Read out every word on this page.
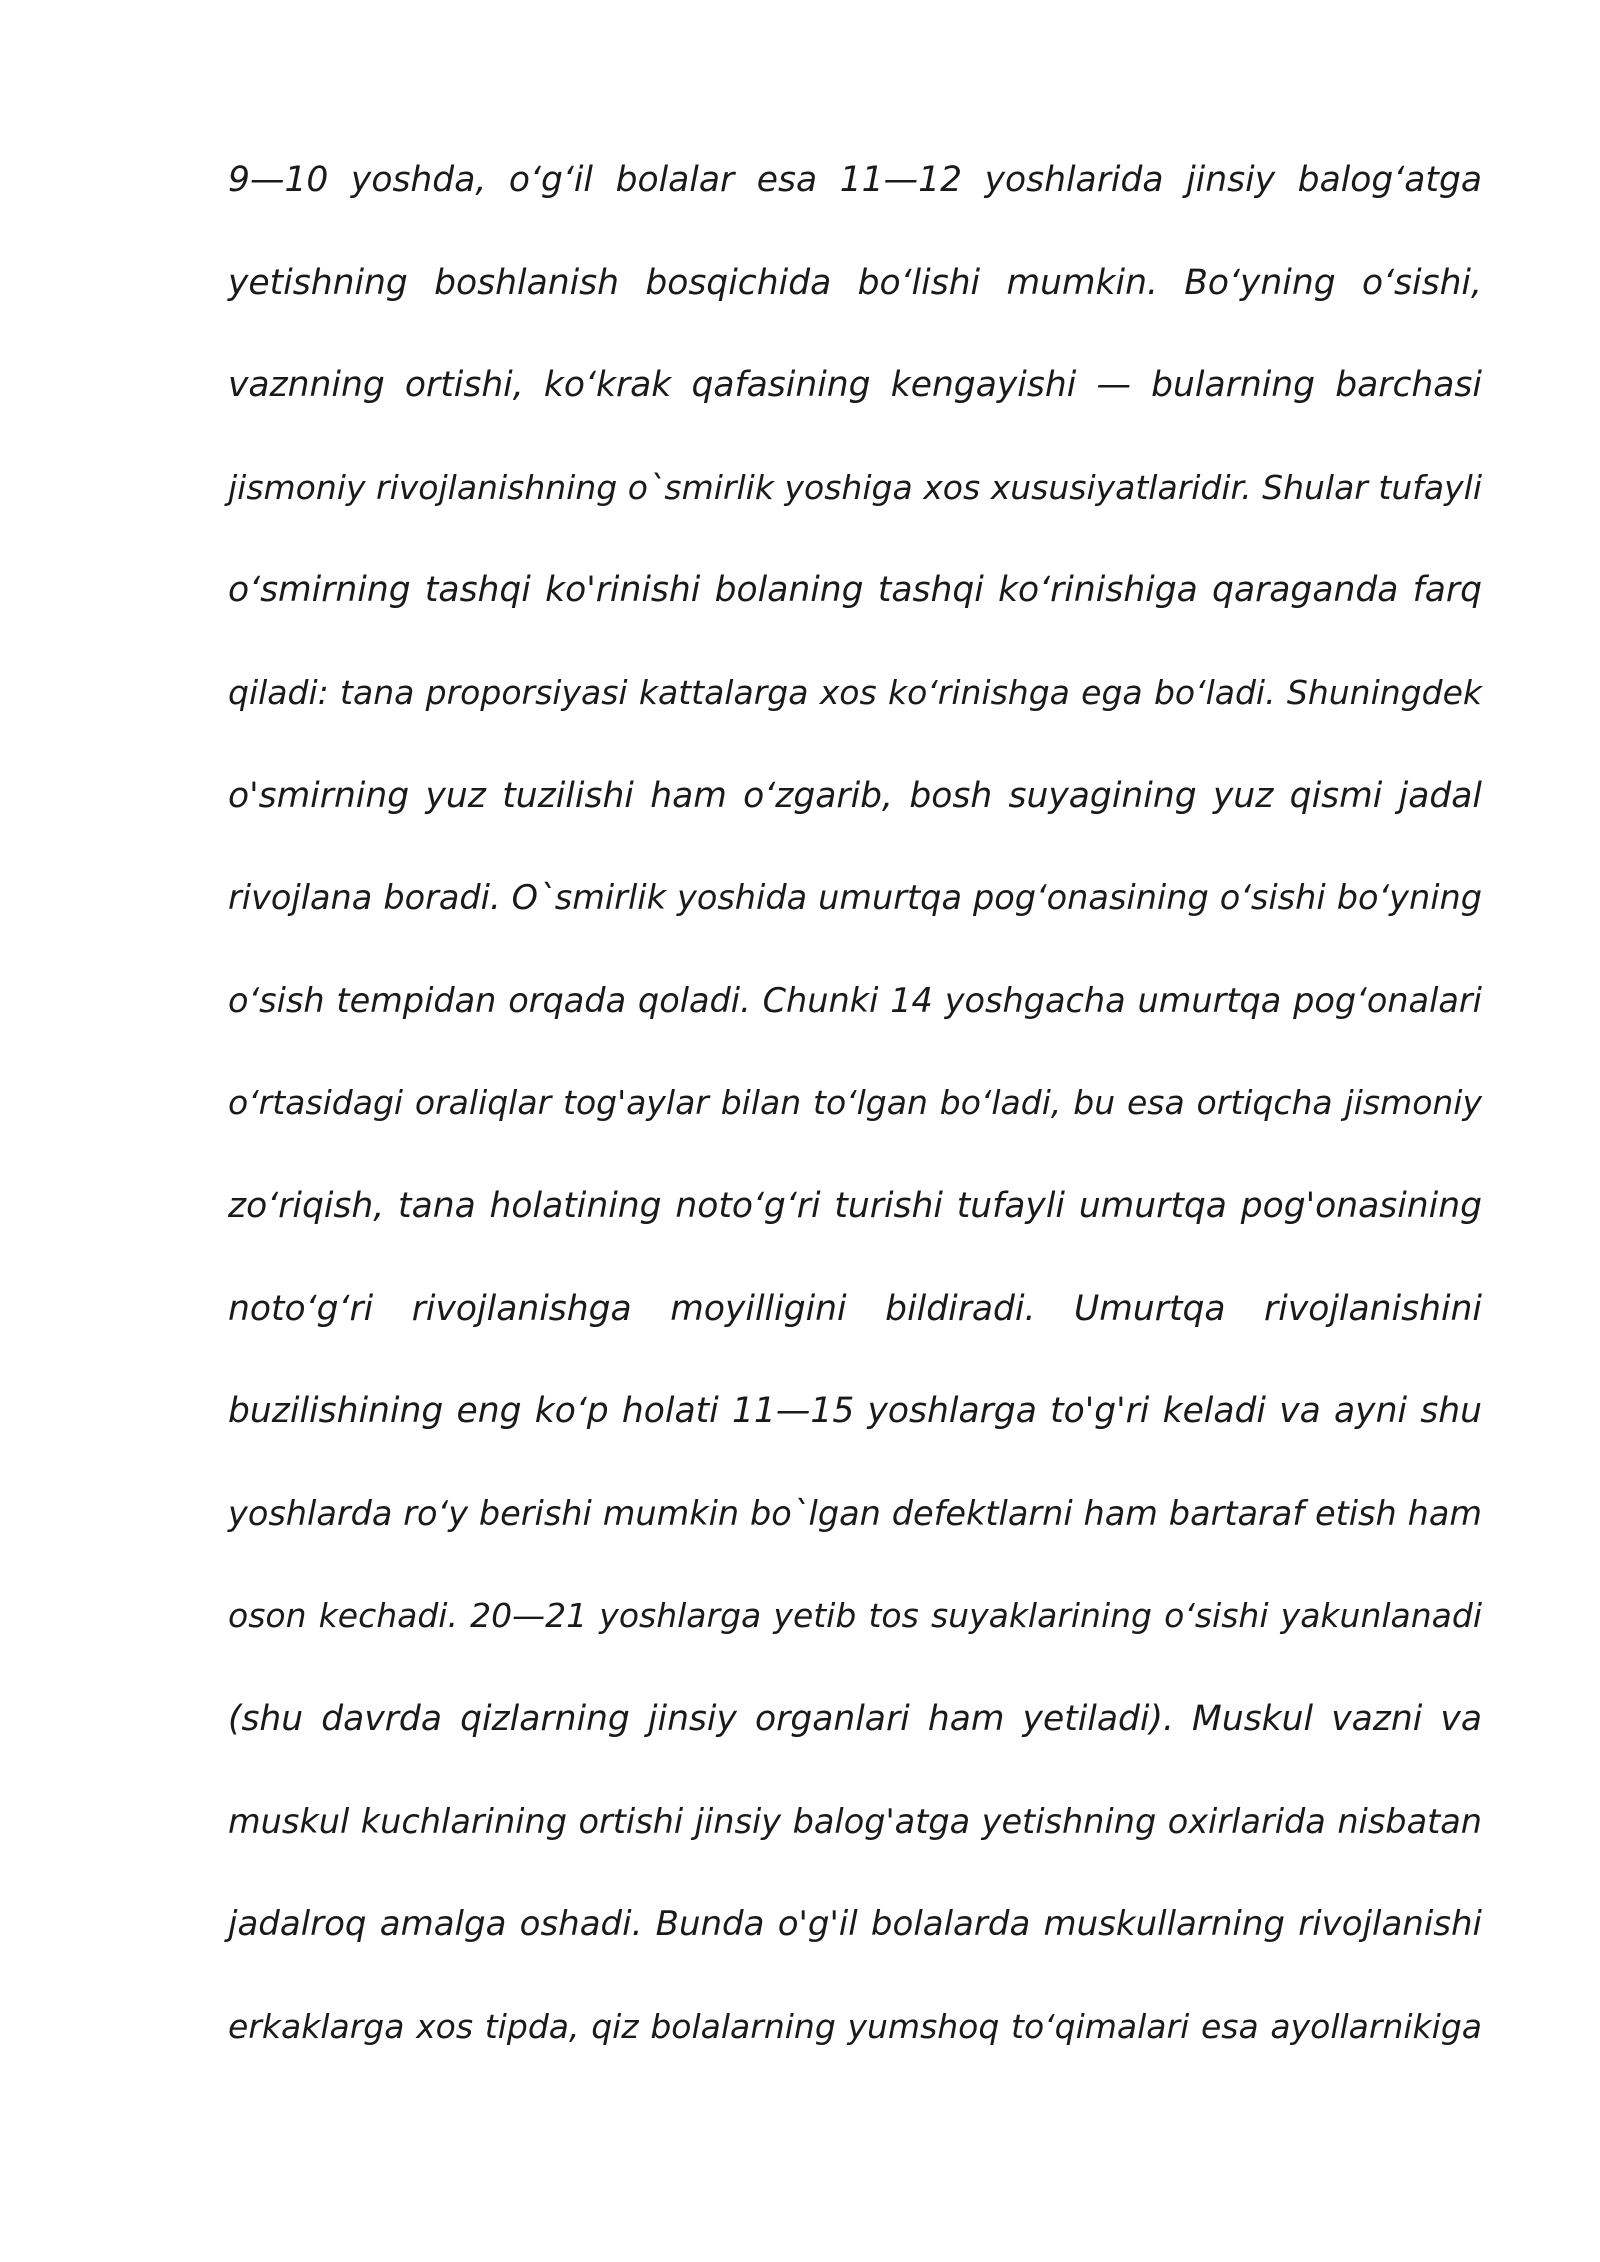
9—10 yoshda, o‘g‘il bolalar esa 11—12 yoshlarida jinsiy balog‘atga
yetishning boshlanish bosqichida bo‘lishi mumkin. Bo‘yning o‘sishi,
vaznning ortishi, ko‘krak qafasining kengayishi — bularning barchasi
jismoniy rivojlanishning o`smirlik yoshiga xos xususiyatlaridir. Shular tufayli
o‘smirning tashqi ko'rinishi bolaning tashqi ko‘rinishiga qaraganda farq
qiladi: tana proporsiyasi kattalarga xos ko‘rinishga ega bo‘ladi. Shuningdek
o'smirning yuz tuzilishi ham o‘zgarib, bosh suyagining yuz qismi jadal
rivojlana boradi. O`smirlik yoshida umurtqa pog‘onasining o‘sishi bo‘yning
o‘sish tempidan orqada qoladi. Chunki 14 yoshgacha umurtqa pog‘onalari
o‘rtasidagi oraliqlar tog'aylar bilan to‘lgan bo‘ladi, bu esa ortiqcha jismoniy
zo‘riqish, tana holatining noto‘g‘ri turishi tufayli umurtqa pog'onasining
noto‘g‘ri rivojlanishga moyilligini bildiradi. Umurtqa rivojlanishini
buzilishining eng ko‘p holati 11—15 yoshlarga to'g'ri keladi va ayni shu
yoshlarda ro‘y berishi mumkin bo`lgan defektlarni ham bartaraf etish ham
oson kechadi. 20—21 yoshlarga yetib tos suyaklarining o‘sishi yakunlanadi
(shu davrda qizlarning jinsiy organlari ham yetiladi). Muskul vazni va
muskul kuchlarining ortishi jinsiy balog'atga yetishning oxirlarida nisbatan
jadalroq amalga oshadi. Bunda o'g'il bolalarda muskullarning rivojlanishi
erkaklarga xos tipda, qiz bolalarning yumshoq to‘qimalari esa ayollarnikiga
